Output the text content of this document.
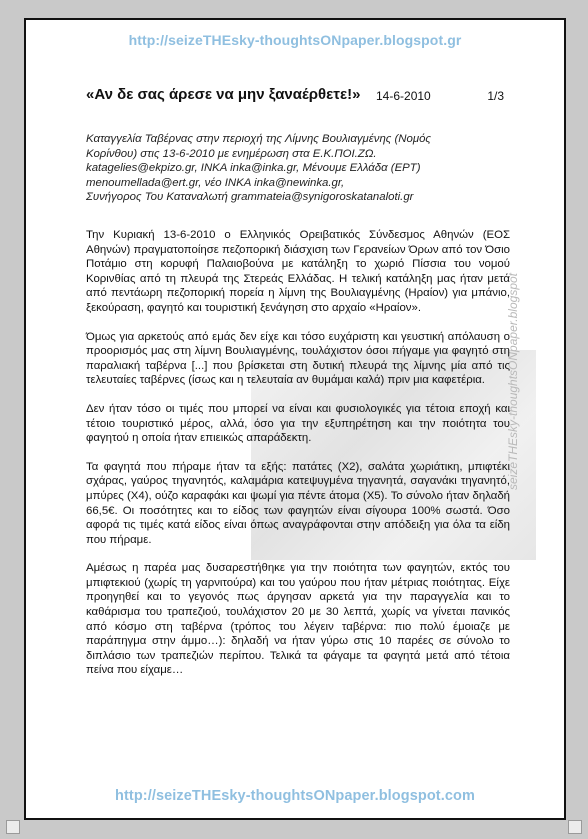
seizeTHEsky-thoughtsONpaper.blogspot
http://seizeTHEsky-thoughtsONpaper.blogspot.gr
«Αν δε σας άρεσε να μην ξαναέρθετε!» 14-6-2010	1/3
Καταγγελία Ταβέρνας στην περιοχή της Λίμνης Βουλιαγμένης (Νομός
Κορίνθου) στις 13-6-2010 με ενημέρωση στα Ε.Κ.ΠΟΙ.ΖΩ.
katagelies@ekpizo.gr, ΙΝΚΑ inka@inka.gr, Μένουμε Ελλάδα (ΕΡΤ)
menoumellada@ert.gr, νέο ΙΝΚΑ inka@newinka.gr,
Συνήγορος Του Καταναλωτή grammateia@synigoroskatanaloti.gr

Την Κυριακή 13-6-2010 ο Ελληνικός Ορειβατικός Σύνδεσμος Αθηνών (ΕΟΣ Αθηνών) πραγματοποίησε πεζοπορική διάσχιση των Γερανείων Όρων από τον Όσιο Ποτάμιο στη κορυφή Παλαιοβούνα με κατάληξη το χωριό Πίσσια του νομού Κορινθίας από τη πλευρά της Στερεάς Ελλάδας. Η τελική κατάληξη μας ήταν μετά από πεντάωρη πεζοπορική πορεία η λίμνη της Βουλιαγμένης (Ηραίον) για μπάνιο, ξεκούραση, φαγητό και τουριστική ξενάγηση στο αρχαίο «Ηραίον».

Όμως για αρκετούς από εμάς δεν είχε και τόσο ευχάριστη και γευστική απόλαυση ο προορισμός μας στη λίμνη Βουλιαγμένης, τουλάχιστον όσοι πήγαμε για φαγητό στη παραλιακή ταβέρνα [...] που βρίσκεται στη δυτική πλευρά της λίμνης μία από τις τελευταίες ταβέρνες (ίσως και η τελευταία αν θυμάμαι καλά) πριν μια καφετέρια.

Δεν ήταν τόσο οι τιμές που μπορεί να είναι και φυσιολογικές για τέτοια εποχή και τέτοιο τουριστικό μέρος, αλλά, όσο για την εξυπηρέτηση και την ποιότητα του φαγητού η οποία ήταν επιεικώς απαράδεκτη.

Τα φαγητά που πήραμε ήταν τα εξής: πατάτες (Χ2), σαλάτα χωριάτικη, μπιφτέκι σχάρας, γαύρος τηγανητός, καλαμάρια κατεψυγμένα τηγανητά, σαγανάκι τηγανητό, μπύρες (Χ4), ούζο καραφάκι και ψωμί για πέντε άτομα (Χ5). Το σύνολο ήταν δηλαδή 66,5€. Οι ποσότητες και το είδος των φαγητών είναι σίγουρα 100% σωστά. Όσο αφορά τις τιμές κατά είδος είναι όπως αναγράφονται στην απόδειξη για όλα τα είδη που πήραμε.

Αμέσως η παρέα μας δυσαρεστήθηκε για την ποιότητα των φαγητών, εκτός του μπιφτεκιού (χωρίς τη γαρνιτούρα) και του γαύρου που ήταν μέτριας ποιότητας. Είχε προηγηθεί και το γεγονός πως άργησαν αρκετά για την παραγγελία και το καθάρισμα του τραπεζιού, τουλάχιστον 20 με 30 λεπτά, χωρίς να γίνεται πανικός από κόσμο στη ταβέρνα (τρόπος του λέγειν ταβέρνα: πιο πολύ έμοιαζε με παράπηγμα στην άμμο…): δηλαδή να ήταν γύρω στις 10 παρέες σε σύνολο το διπλάσιο των τραπεζιών περίπου. Τελικά τα φάγαμε τα φαγητά μετά από τέτοια πείνα που είχαμε…

http://seizeTHEsky-thoughtsONpaper.blogspot.com
